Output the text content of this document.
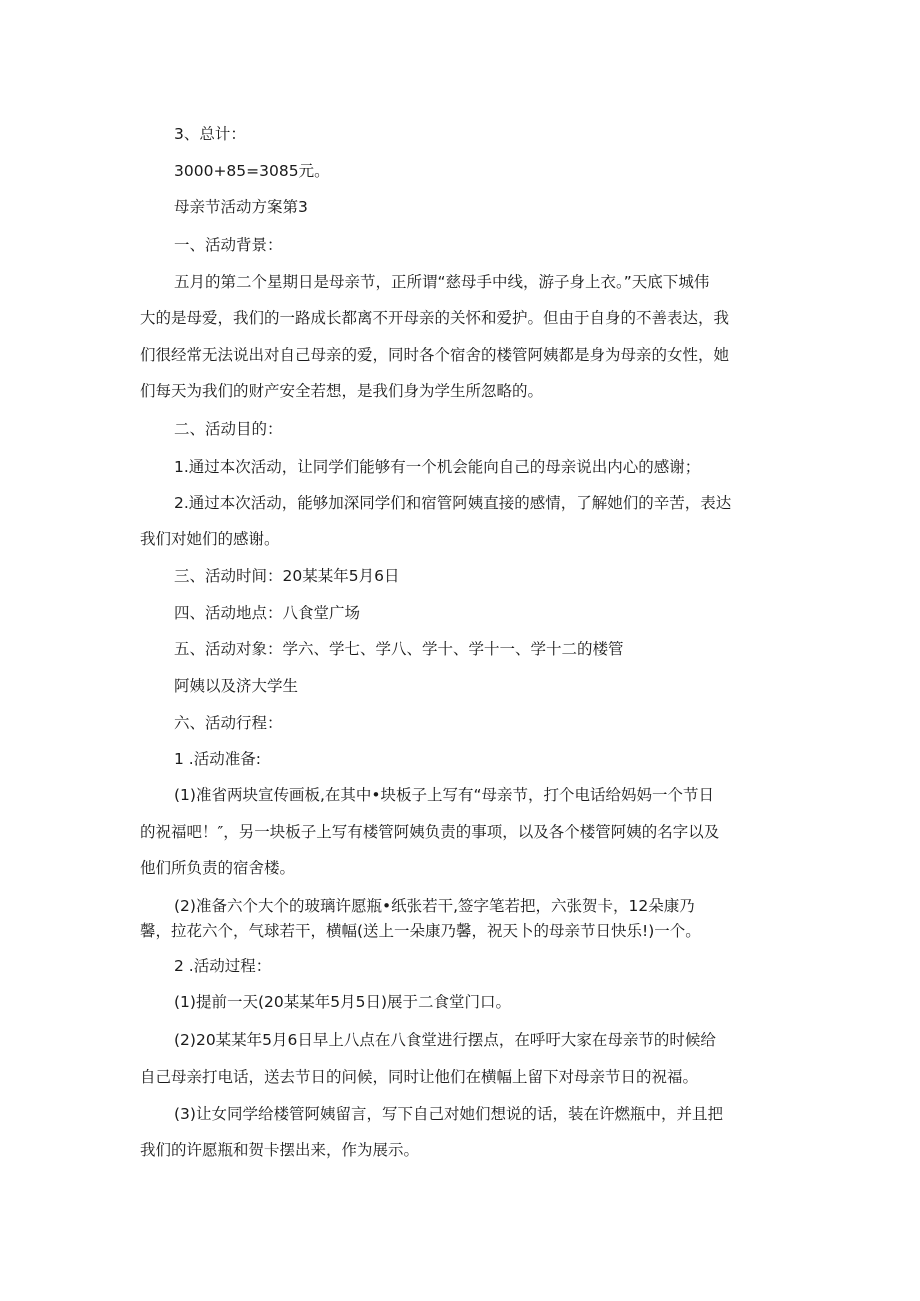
3、总计：

3000+85=3085元。

母亲节活动方案第3

一、活动背景：

五月的第二个星期日是母亲节，正所谓“慈母手中线，游子身上衣。”天底下城伟

大的是母爱，我们的一路成长都离不开母亲的关怀和爱护。但由于自身的不善表达，我

们很经常无法说出对自己母亲的爱，同时各个宿舍的楼管阿姨都是身为母亲的女性，她

们每天为我们的财产安全若想，是我们身为学生所忽略的。

二、活动目的：

1.通过本次活动，让同学们能够有一个机会能向自己的母亲说出内心的感谢；

2.通过本次活动，能够加深同学们和宿管阿姨直接的感情，了解她们的辛苦，表达

我们对她们的感谢。

三、活动时间：20某某年5月6日

四、活动地点：八食堂广场

五、活动对象：学六、学七、学八、学十、学十一、学十二的楼管

阿姨以及济大学生

六、活动行程：

1 .活动准备:

(1)准省两块宣传画板,在其中•块板子上写有“母亲节，打个电话给妈妈一个节日

的祝福吧！″，另一块板子上写有楼管阿姨负责的事项，以及各个楼管阿姨的名字以及

他们所负责的宿舍楼。

(2)准备六个大个的玻璃许愿瓶•纸张若干,签字笔若把，六张贺卡，12朵康乃

馨，拉花六个，气球若干，横幅(送上一朵康乃馨，祝天卜的母亲节日快乐!)一个。

2 .活动过程：

(1)提前一天(20某某年5月5日)展于二食堂门口。

(2)20某某年5月6日早上八点在八食堂进行摆点，在呼吁大家在母亲节的时候给

自己母亲打电话，送去节日的问候，同时让他们在横幅上留下对母亲节日的祝福。

(3)让女同学给楼管阿姨留言，写下自己对她们想说的话，装在许燃瓶中，并且把

我们的许愿瓶和贺卡摆出来，作为展示。
